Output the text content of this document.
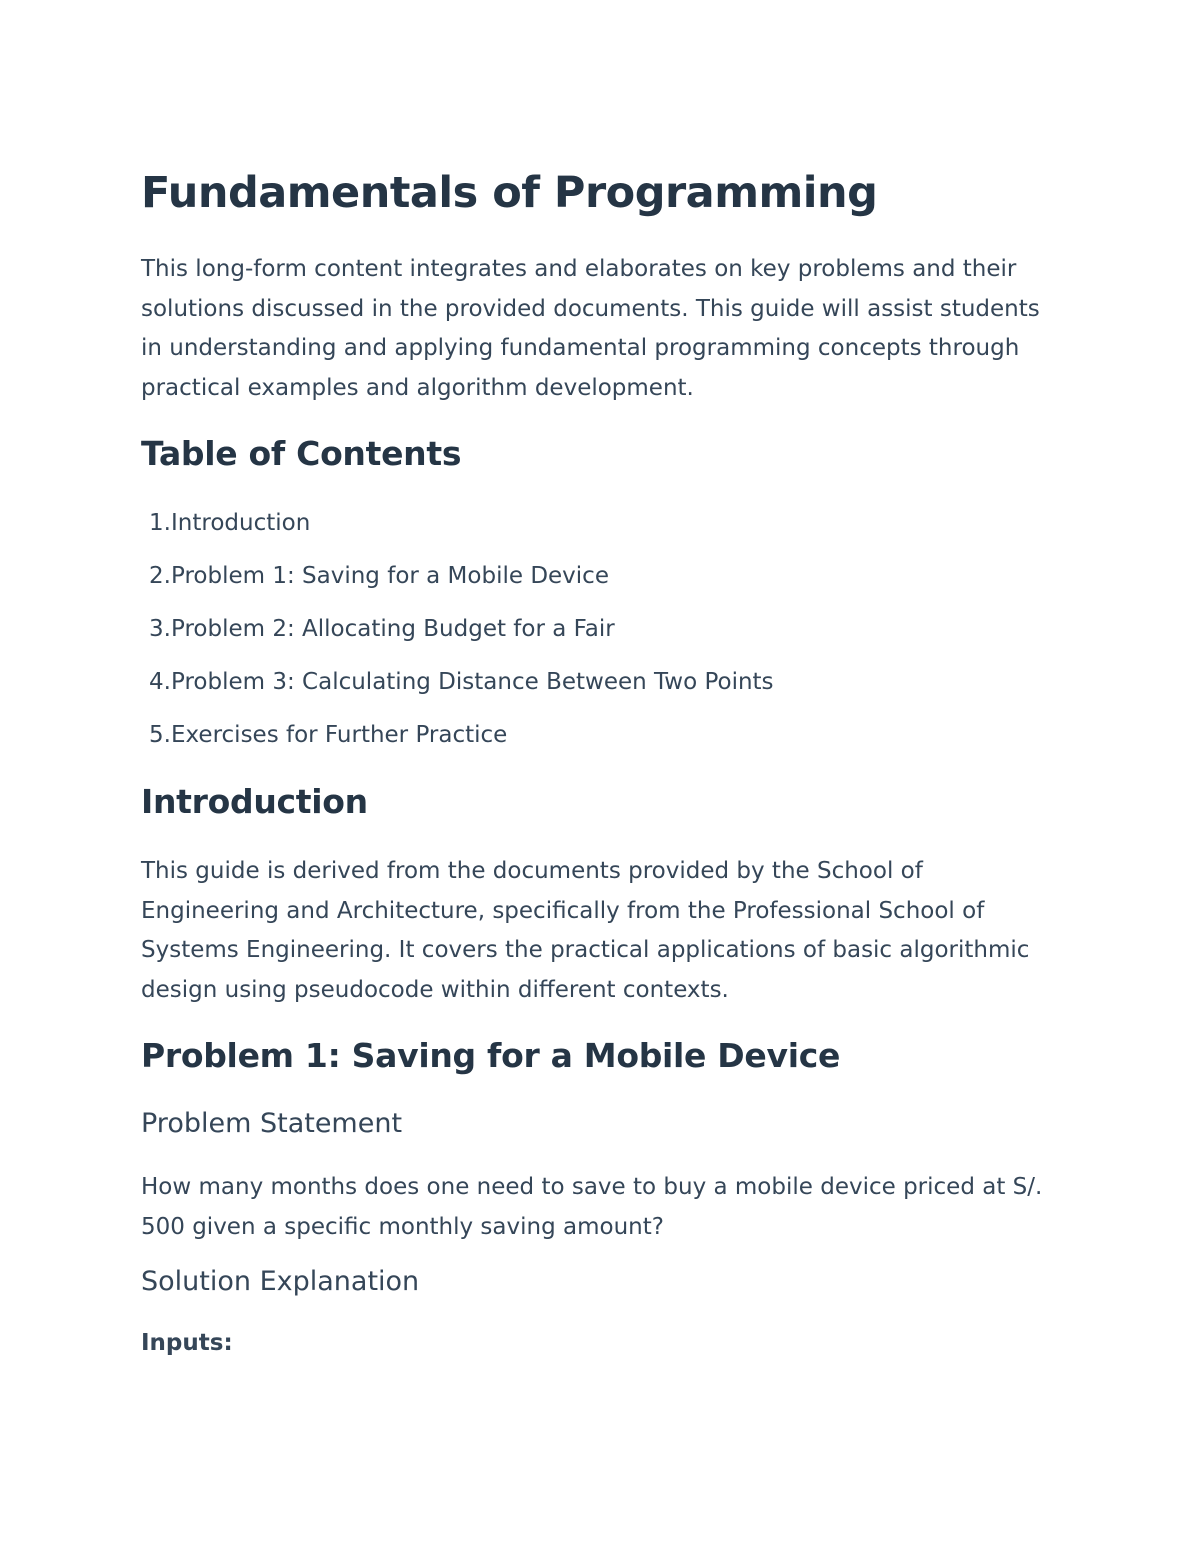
Fundamentals of Programming

This long-form content integrates and elaborates on key problems and their solutions discussed in the provided documents. This guide will assist students in understanding and applying fundamental programming concepts through practical examples and algorithm development.

Table of Contents
1.Introduction
2.Problem 1: Saving for a Mobile Device
3.Problem 2: Allocating Budget for a Fair
4.Problem 3: Calculating Distance Between Two Points
5.Exercises for Further Practice
Introduction

This guide is derived from the documents provided by the School of Engineering and Architecture, specifically from the Professional School of Systems Engineering. It covers the practical applications of basic algorithmic design using pseudocode within different contexts.

Problem 1: Saving for a Mobile Device
Problem Statement

How many months does one need to save to buy a mobile device priced at S/. 500 given a specific monthly saving amount?

Solution Explanation

Inputs:
